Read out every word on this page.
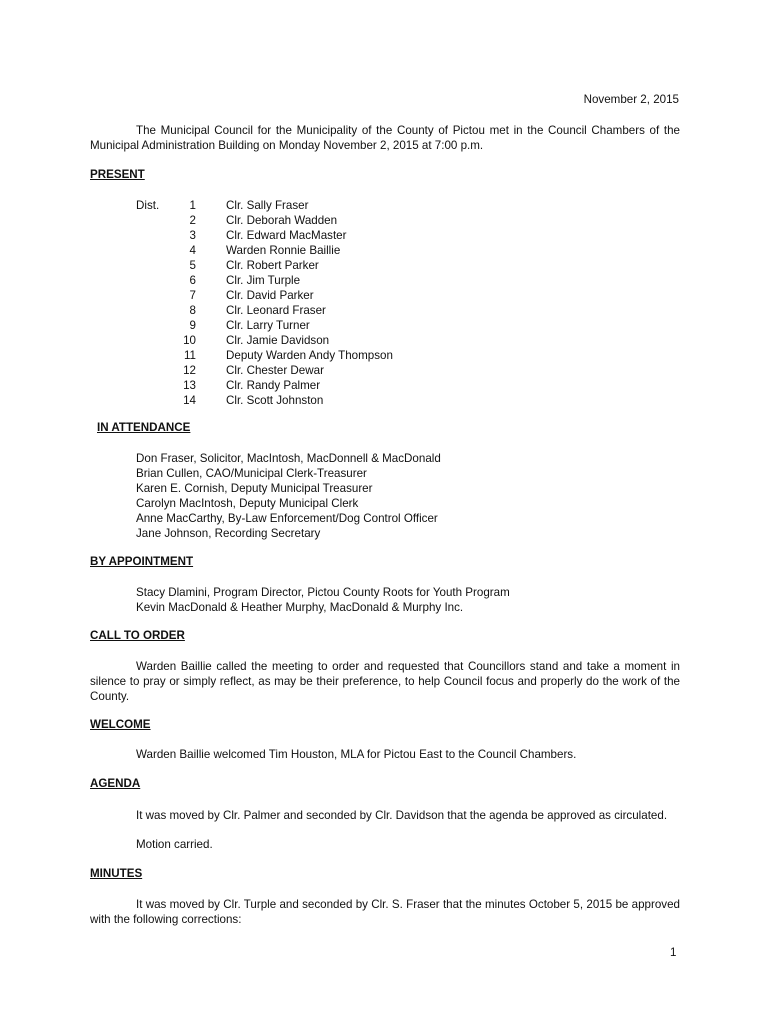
November 2, 2015
The Municipal Council for the Municipality of the County of Pictou met in the Council Chambers of the Municipal Administration Building on Monday November 2, 2015 at 7:00 p.m.
PRESENT
Dist.	1	Clr. Sally Fraser
2	Clr. Deborah Wadden
3	Clr. Edward MacMaster
4	Warden Ronnie Baillie
5	Clr. Robert Parker
6	Clr. Jim Turple
7	Clr. David Parker
8	Clr. Leonard Fraser
9	Clr. Larry Turner
10	Clr. Jamie Davidson
11	Deputy Warden Andy Thompson
12	Clr. Chester Dewar
13	Clr. Randy Palmer
14	Clr. Scott Johnston
IN ATTENDANCE
Don Fraser, Solicitor, MacIntosh, MacDonnell & MacDonald
Brian Cullen, CAO/Municipal Clerk-Treasurer
Karen E. Cornish, Deputy Municipal Treasurer
Carolyn MacIntosh, Deputy Municipal Clerk
Anne MacCarthy, By-Law Enforcement/Dog Control Officer
Jane Johnson, Recording Secretary
BY APPOINTMENT
Stacy Dlamini, Program Director, Pictou County Roots for Youth Program
Kevin MacDonald & Heather Murphy, MacDonald & Murphy Inc.
CALL TO ORDER
Warden Baillie called the meeting to order and requested that Councillors stand and take a moment in silence to pray or simply reflect, as may be their preference, to help Council focus and properly do the work of the County.
WELCOME
Warden Baillie welcomed Tim Houston, MLA for Pictou East to the Council Chambers.
AGENDA
It was moved by Clr. Palmer and seconded by Clr. Davidson that the agenda be approved as circulated.
Motion carried.
MINUTES
It was moved by Clr. Turple and seconded by Clr. S. Fraser that the minutes October 5, 2015 be approved with the following corrections:
1
